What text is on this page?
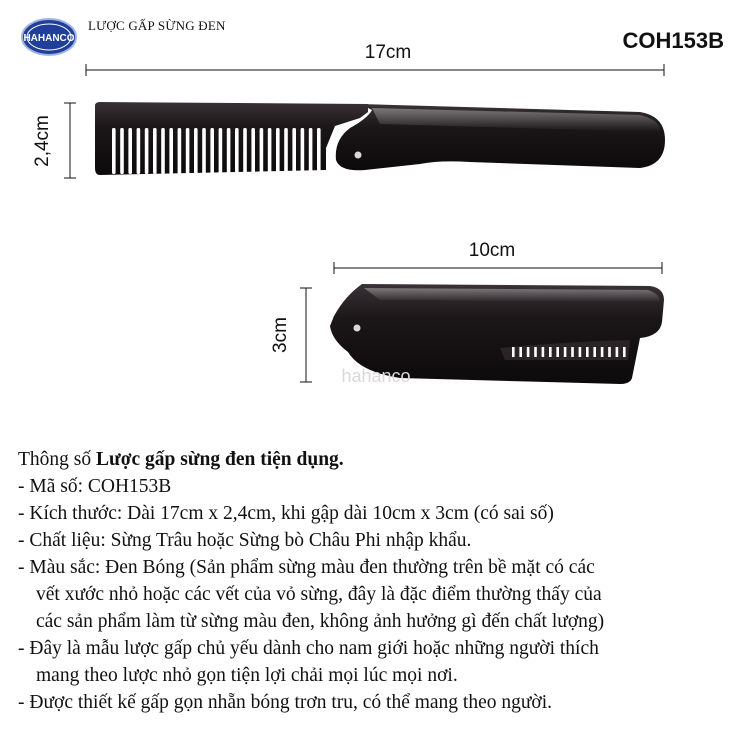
HAHANCO
LƯỢC GẤP SỪNG ĐEN
COH153B
17cm
2,4cm
10cm
3cm
hahanco
Thông số Lược gấp sừng đen tiện dụng.
- Mã số: COH153B
- Kích thước: Dài 17cm x 2,4cm, khi gập dài 10cm x 3cm (có sai số)
- Chất liệu: Sừng Trâu hoặc Sừng bò Châu Phi nhập khẩu.
- Màu sắc: Đen Bóng (Sản phẩm sừng màu đen thường trên bề mặt có các
vết xước nhỏ hoặc các vết của vỏ sừng, đây là đặc điểm thường thấy của
các sản phẩm làm từ sừng màu đen, không ảnh hưởng gì đến chất lượng)
- Đây là mẫu lược gấp chủ yếu dành cho nam giới hoặc những người thích
mang theo lược nhỏ gọn tiện lợi chải mọi lúc mọi nơi.
- Được thiết kế gấp gọn nhẵn bóng trơn tru, có thể mang theo người.
